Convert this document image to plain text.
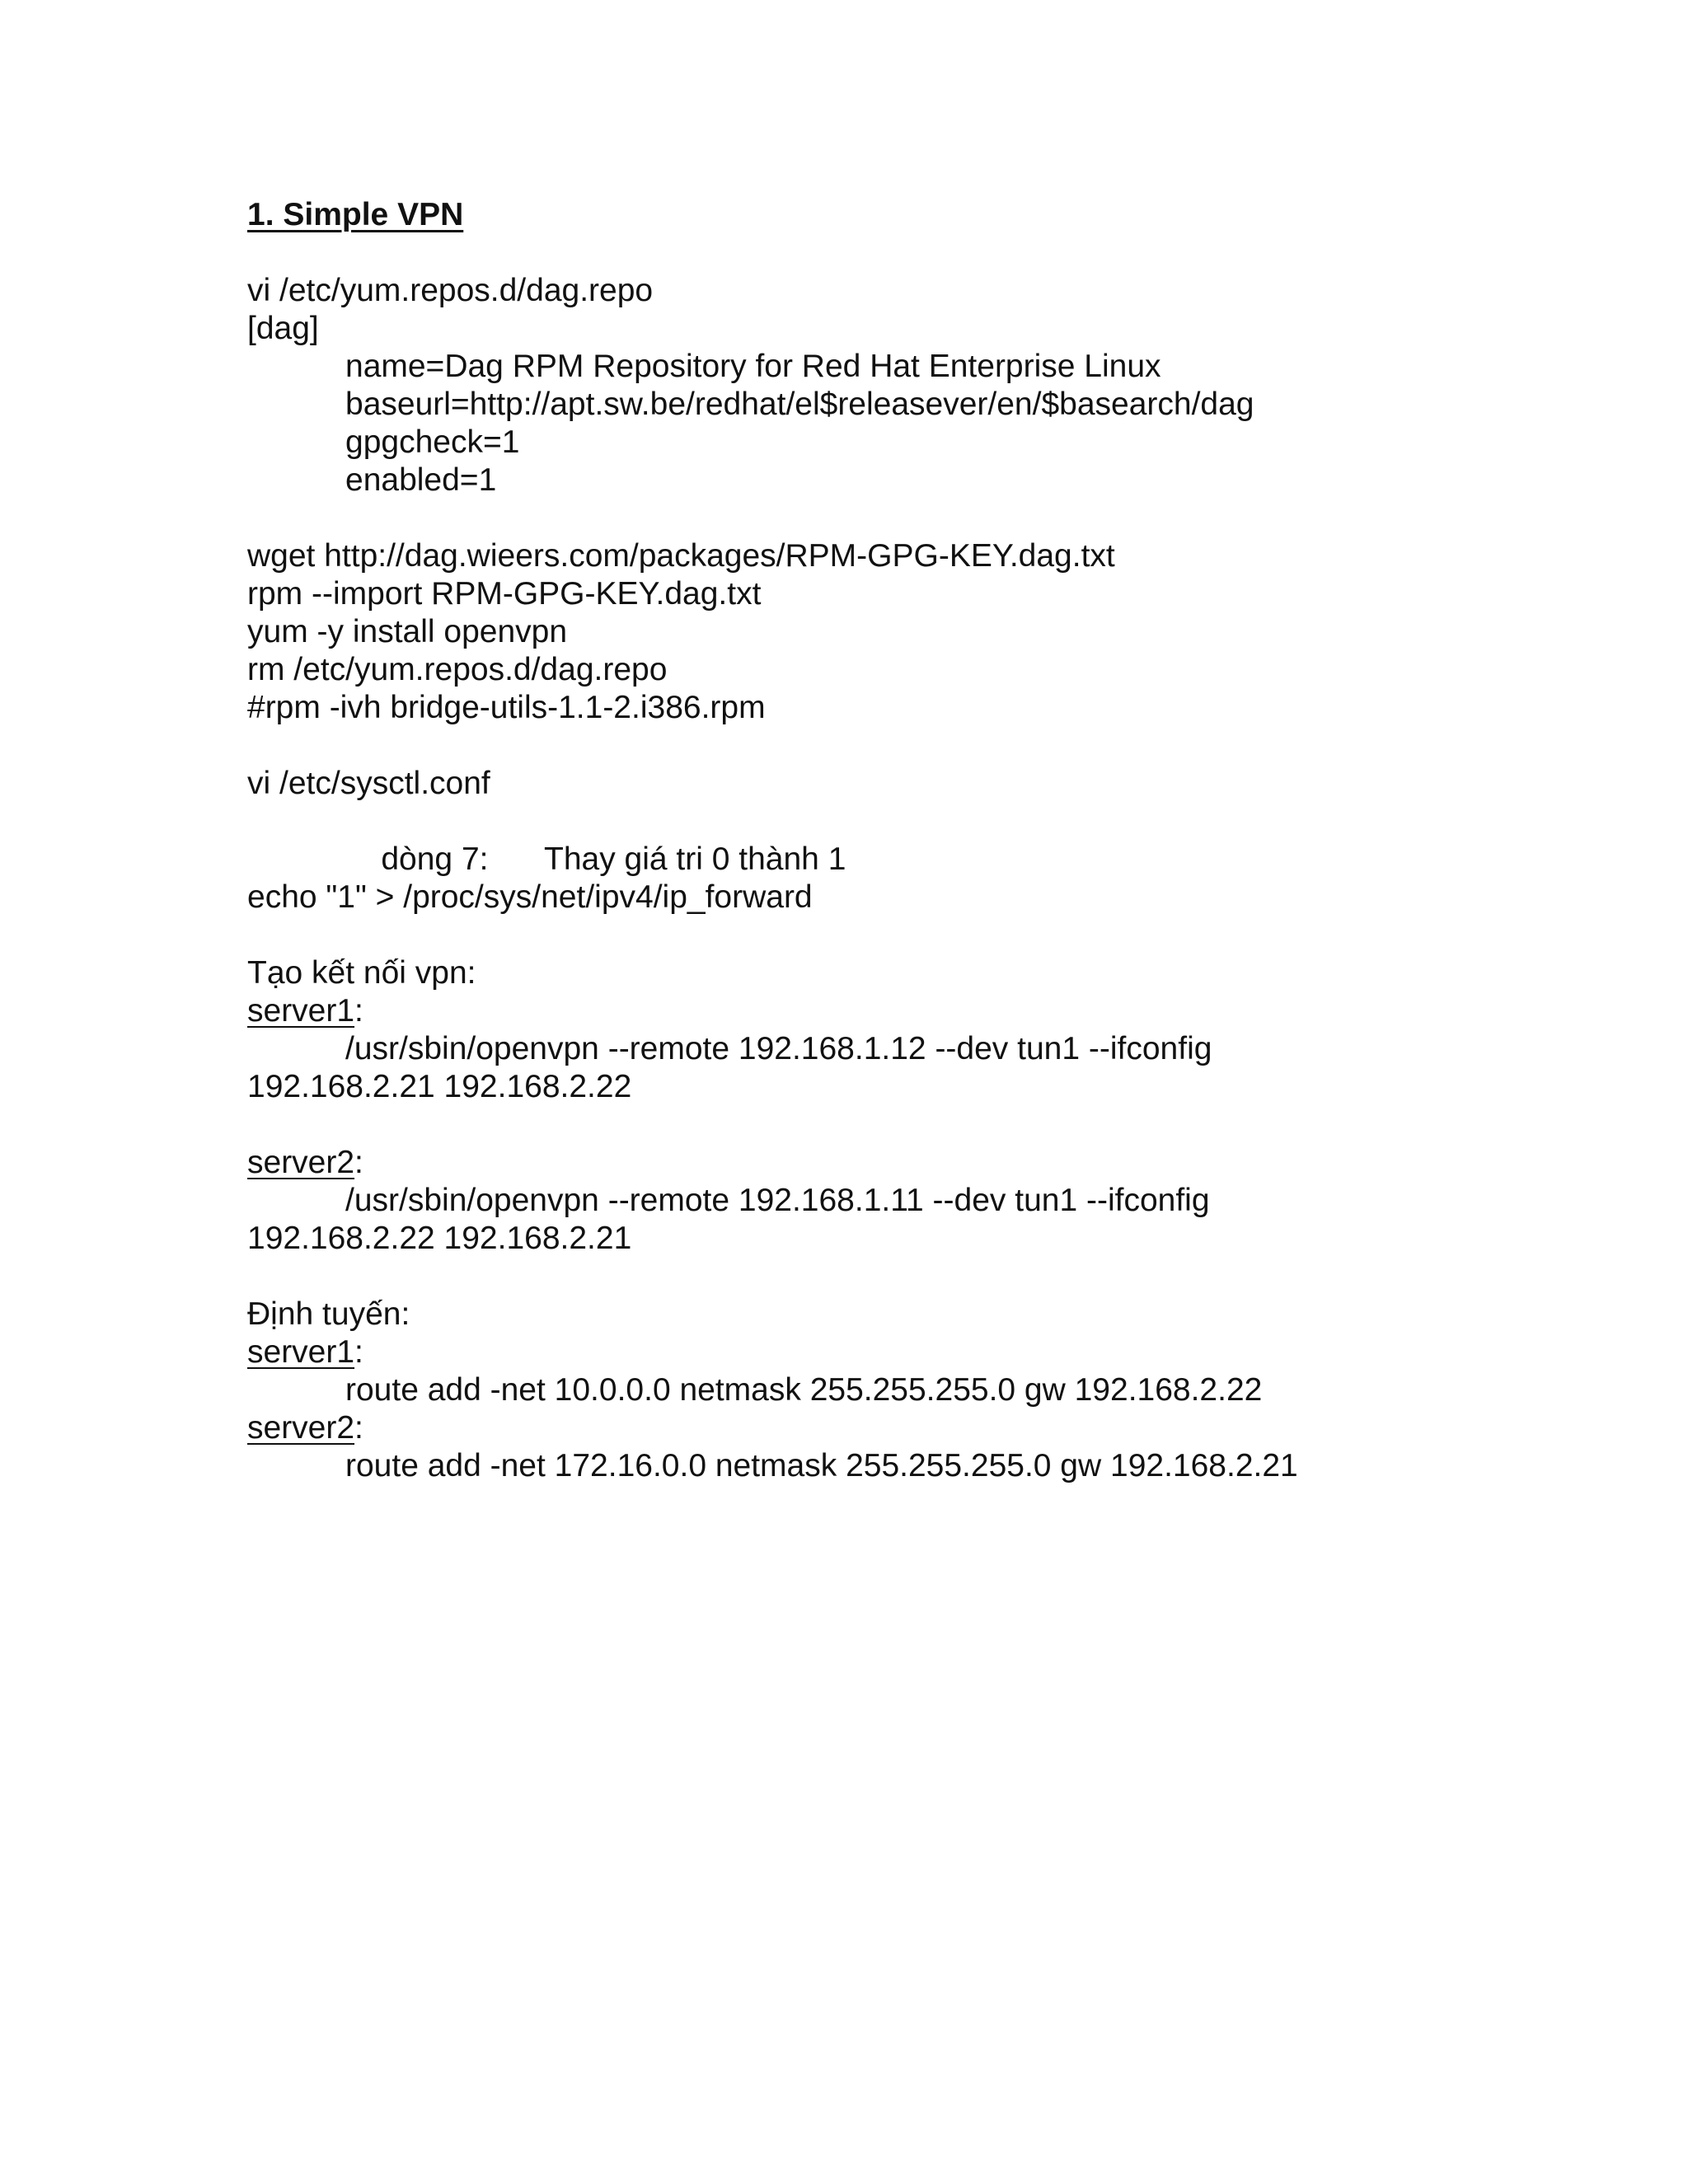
1. Simple VPN
vi /etc/yum.repos.d/dag.repo
[dag]
name=Dag RPM Repository for Red Hat Enterprise Linux
baseurl=http://apt.sw.be/redhat/el$releasever/en/$basearch/dag
gpgcheck=1
enabled=1
wget http://dag.wieers.com/packages/RPM-GPG-KEY.dag.txt
rpm --import RPM-GPG-KEY.dag.txt
yum -y install openvpn
rm /etc/yum.repos.d/dag.repo
#rpm -ivh bridge-utils-1.1-2.i386.rpm
vi /etc/sysctl.conf

dòng 7: Thay giá tri 0 thành 1

echo "1" > /proc/sys/net/ipv4/ip_forward
Tạo kết nối vpn:
server1:
/usr/sbin/openvpn --remote 192.168.1.12 --dev tun1 --ifconfig
192.168.2.21 192.168.2.22
server2:
/usr/sbin/openvpn --remote 192.168.1.11 --dev tun1 --ifconfig
192.168.2.22 192.168.2.21
Định tuyến:
server1:
route add -net 10.0.0.0 netmask 255.255.255.0 gw 192.168.2.22
server2:
route add -net 172.16.0.0 netmask 255.255.255.0 gw 192.168.2.21
